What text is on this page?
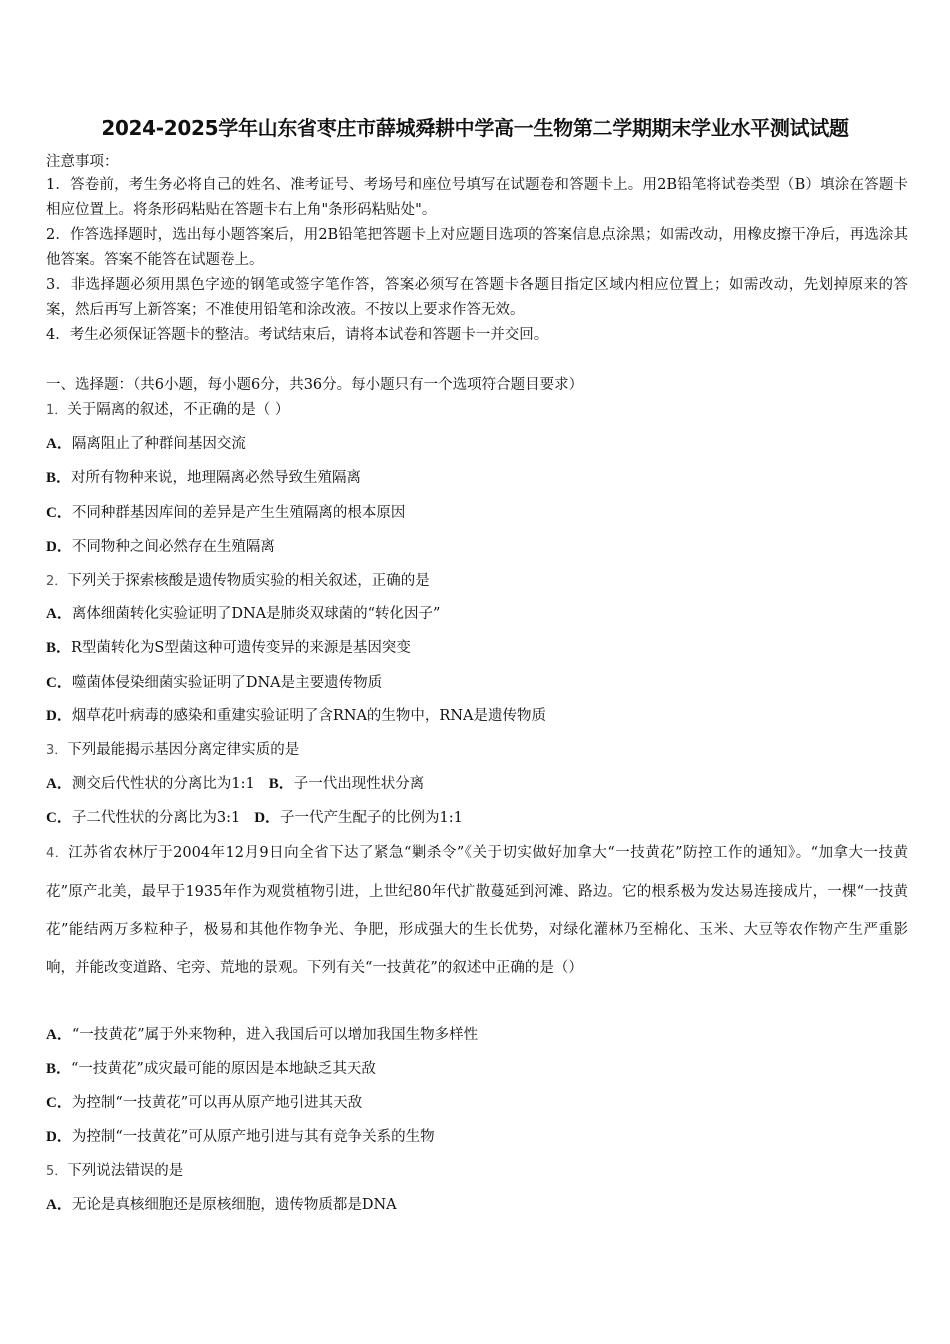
2024-2025学年山东省枣庄市薛城舜耕中学高一生物第二学期期末学业水平测试试题
注意事项：
1．答卷前，考生务必将自己的姓名、准考证号、考场号和座位号填写在试题卷和答题卡上。用2B铅笔将试卷类型（B）填涂在答题卡相应位置上。将条形码粘贴在答题卡右上角"条形码粘贴处"。
2．作答选择题时，选出每小题答案后，用2B铅笔把答题卡上对应题目选项的答案信息点涂黑；如需改动，用橡皮擦干净后，再选涂其他答案。答案不能答在试题卷上。
3．非选择题必须用黑色字迹的钢笔或签字笔作答，答案必须写在答题卡各题目指定区域内相应位置上；如需改动，先划掉原来的答案，然后再写上新答案；不准使用铅笔和涂改液。不按以上要求作答无效。
4．考生必须保证答题卡的整洁。考试结束后，请将本试卷和答题卡一并交回。
一、选择题：（共6小题，每小题6分，共36分。每小题只有一个选项符合题目要求）
1．关于隔离的叙述，不正确的是（ ）
A．隔离阻止了种群间基因交流
B．对所有物种来说，地理隔离必然导致生殖隔离
C．不同种群基因库间的差异是产生生殖隔离的根本原因
D．不同物种之间必然存在生殖隔离
2．下列关于探索核酸是遗传物质实验的相关叙述，正确的是
A．离体细菌转化实验证明了DNA是肺炎双球菌的“转化因子”
B．R型菌转化为S型菌这种可遗传变异的来源是基因突变
C．噬菌体侵染细菌实验证明了DNA是主要遗传物质
D．烟草花叶病毒的感染和重建实验证明了含RNA的生物中，RNA是遗传物质
3．下列最能揭示基因分离定律实质的是
A．测交后代性状的分离比为1:1 B．子一代出现性状分离
C．子二代性状的分离比为3:1 D．子一代产生配子的比例为1:1
4．江苏省农林厅于2004年12月9日向全省下达了紧急“剿杀令”《关于切实做好加拿大“一技黄花”防控工作的通知》。“加拿大一技黄花”原产北美，最早于1935年作为观赏植物引进，上世纪80年代扩散蔓延到河滩、路边。它的根系极为发达易连接成片，一棵“一技黄花”能结两万多粒种子，极易和其他作物争光、争肥，形成强大的生长优势，对绿化灌林乃至棉化、玉米、大豆等农作物产生严重影响，并能改变道路、宅旁、荒地的景观。下列有关“一技黄花”的叙述中正确的是（）
A．“一技黄花”属于外来物种，进入我国后可以增加我国生物多样性
B．“一技黄花”成灾最可能的原因是本地缺乏其天敌
C．为控制“一技黄花”可以再从原产地引进其天敌
D．为控制“一技黄花”可从原产地引进与其有竞争关系的生物
5．下列说法错误的是
A．无论是真核细胞还是原核细胞，遗传物质都是DNA
